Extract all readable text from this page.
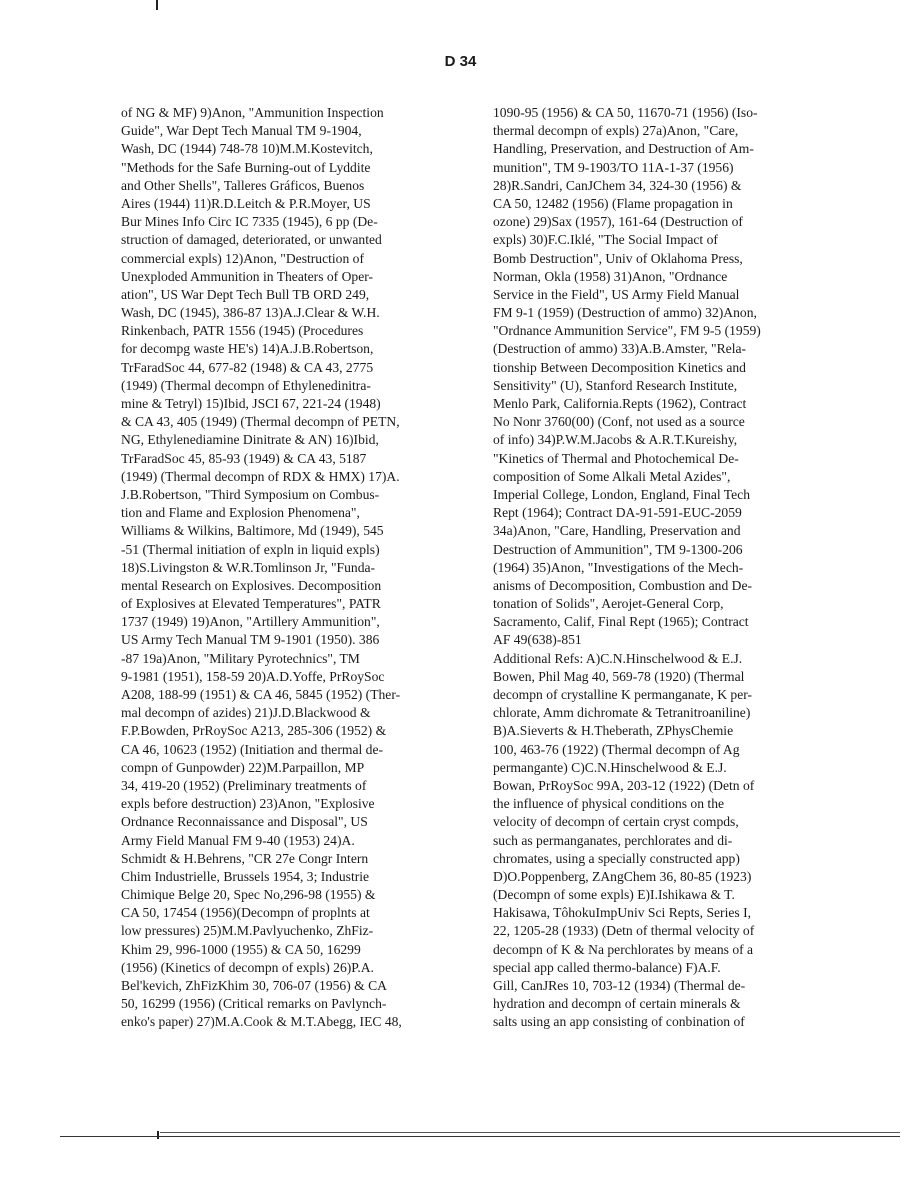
D 34
of NG & MF) 9)Anon, "Ammunition Inspection
Guide", War Dept Tech Manual TM 9-1904,
Wash, DC (1944) 748-78 10)M.M.Kostevitch,
"Methods for the Safe Burning-out of Lyddite
and Other Shells", Talleres Gráficos, Buenos
Aires (1944) 11)R.D.Leitch & P.R.Moyer, US
Bur Mines Info Circ IC 7335 (1945), 6 pp (De-
struction of damaged, deteriorated, or unwanted
commercial expls) 12)Anon, "Destruction of
Unexploded Ammunition in Theaters of Oper-
ation", US War Dept Tech Bull TB ORD 249,
Wash, DC (1945), 386-87 13)A.J.Clear & W.H.
Rinkenbach, PATR 1556 (1945) (Procedures
for decompg waste HE's) 14)A.J.B.Robertson,
TrFaradSoc 44, 677-82 (1948) & CA 43, 2775
(1949) (Thermal decompn of Ethylenedinitra-
mine & Tetryl) 15)Ibid, JSCI 67, 221-24 (1948)
& CA 43, 405 (1949) (Thermal decompn of PETN,
NG, Ethylenediamine Dinitrate & AN) 16)Ibid,
TrFaradSoc 45, 85-93 (1949) & CA 43, 5187
(1949) (Thermal decompn of RDX & HMX) 17)A.
J.B.Robertson, "Third Symposium on Combus-
tion and Flame and Explosion Phenomena",
Williams & Wilkins, Baltimore, Md (1949), 545
-51 (Thermal initiation of expln in liquid expls)
18)S.Livingston & W.R.Tomlinson Jr, "Funda-
mental Research on Explosives. Decomposition
of Explosives at Elevated Temperatures", PATR
1737 (1949) 19)Anon, "Artillery Ammunition",
US Army Tech Manual TM 9-1901 (1950). 386
-87 19a)Anon, "Military Pyrotechnics", TM
9-1981 (1951), 158-59 20)A.D.Yoffe, PrRoySoc
A208, 188-99 (1951) & CA 46, 5845 (1952) (Ther-
mal decompn of azides) 21)J.D.Blackwood &
F.P.Bowden, PrRoySoc A213, 285-306 (1952) &
CA 46, 10623 (1952) (Initiation and thermal de-
compn of Gunpowder) 22)M.Parpaillon, MP
34, 419-20 (1952) (Preliminary treatments of
expls before destruction) 23)Anon, "Explosive
Ordnance Reconnaissance and Disposal", US
Army Field Manual FM 9-40 (1953) 24)A.
Schmidt & H.Behrens, "CR 27e Congr Intern
Chim Industrielle, Brussels 1954, 3; Industrie
Chimique Belge 20, Spec No,296-98 (1955) &
CA 50, 17454 (1956)(Decompn of proplnts at
low pressures) 25)M.M.Pavlyuchenko, ZhFiz-
Khim 29, 996-1000 (1955) & CA 50, 16299
(1956) (Kinetics of decompn of expls) 26)P.A.
Bel'kevich, ZhFizKhim 30, 706-07 (1956) & CA
50, 16299 (1956) (Critical remarks on Pavlynch-
enko's paper) 27)M.A.Cook & M.T.Abegg, IEC 48,
1090-95 (1956) & CA 50, 11670-71 (1956) (Iso-
thermal decompn of expls) 27a)Anon, "Care,
Handling, Preservation, and Destruction of Am-
munition", TM 9-1903/TO 11A-1-37 (1956)
28)R.Sandri, CanJChem 34, 324-30 (1956) &
CA 50, 12482 (1956) (Flame propagation in
ozone) 29)Sax (1957), 161-64 (Destruction of
expls) 30)F.C.Iklé, "The Social Impact of
Bomb Destruction", Univ of Oklahoma Press,
Norman, Okla (1958) 31)Anon, "Ordnance
Service in the Field", US Army Field Manual
FM 9-1 (1959) (Destruction of ammo) 32)Anon,
"Ordnance Ammunition Service", FM 9-5 (1959)
(Destruction of ammo) 33)A.B.Amster, "Rela-
tionship Between Decomposition Kinetics and
Sensitivity" (U), Stanford Research Institute,
Menlo Park, California.Repts (1962), Contract
No Nonr 3760(00) (Conf, not used as a source
of info) 34)P.W.M.Jacobs & A.R.T.Kureishy,
"Kinetics of Thermal and Photochemical De-
composition of Some Alkali Metal Azides",
Imperial College, London, England, Final Tech
Rept (1964); Contract DA-91-591-EUC-2059
34a)Anon, "Care, Handling, Preservation and
Destruction of Ammunition", TM 9-1300-206
(1964) 35)Anon, "Investigations of the Mech-
anisms of Decomposition, Combustion and De-
tonation of Solids", Aerojet-General Corp,
Sacramento, Calif, Final Rept (1965); Contract
AF 49(638)-851
Additional Refs: A)C.N.Hinschelwood & E.J.
Bowen, Phil Mag 40, 569-78 (1920) (Thermal
decompn of crystalline K permanganate, K per-
chlorate, Amm dichromate & Tetranitroaniline)
B)A.Sieverts & H.Theberath, ZPhysChemie
100, 463-76 (1922) (Thermal decompn of Ag
permangante) C)C.N.Hinschelwood & E.J.
Bowan, PrRoySoc 99A, 203-12 (1922) (Detn of
the influence of physical conditions on the
velocity of decompn of certain cryst compds,
such as permanganates, perchlorates and di-
chromates, using a specially constructed app)
D)O.Poppenberg, ZAngChem 36, 80-85 (1923)
(Decompn of some expls) E)I.Ishikawa & T.
Hakisawa, TôhokuImpUniv Sci Repts, Series I,
22, 1205-28 (1933) (Detn of thermal velocity of
decompn of K & Na perchlorates by means of a
special app called thermo-balance) F)A.F.
Gill, CanJRes 10, 703-12 (1934) (Thermal de-
hydration and decompn of certain minerals &
salts using an app consisting of conbination of
